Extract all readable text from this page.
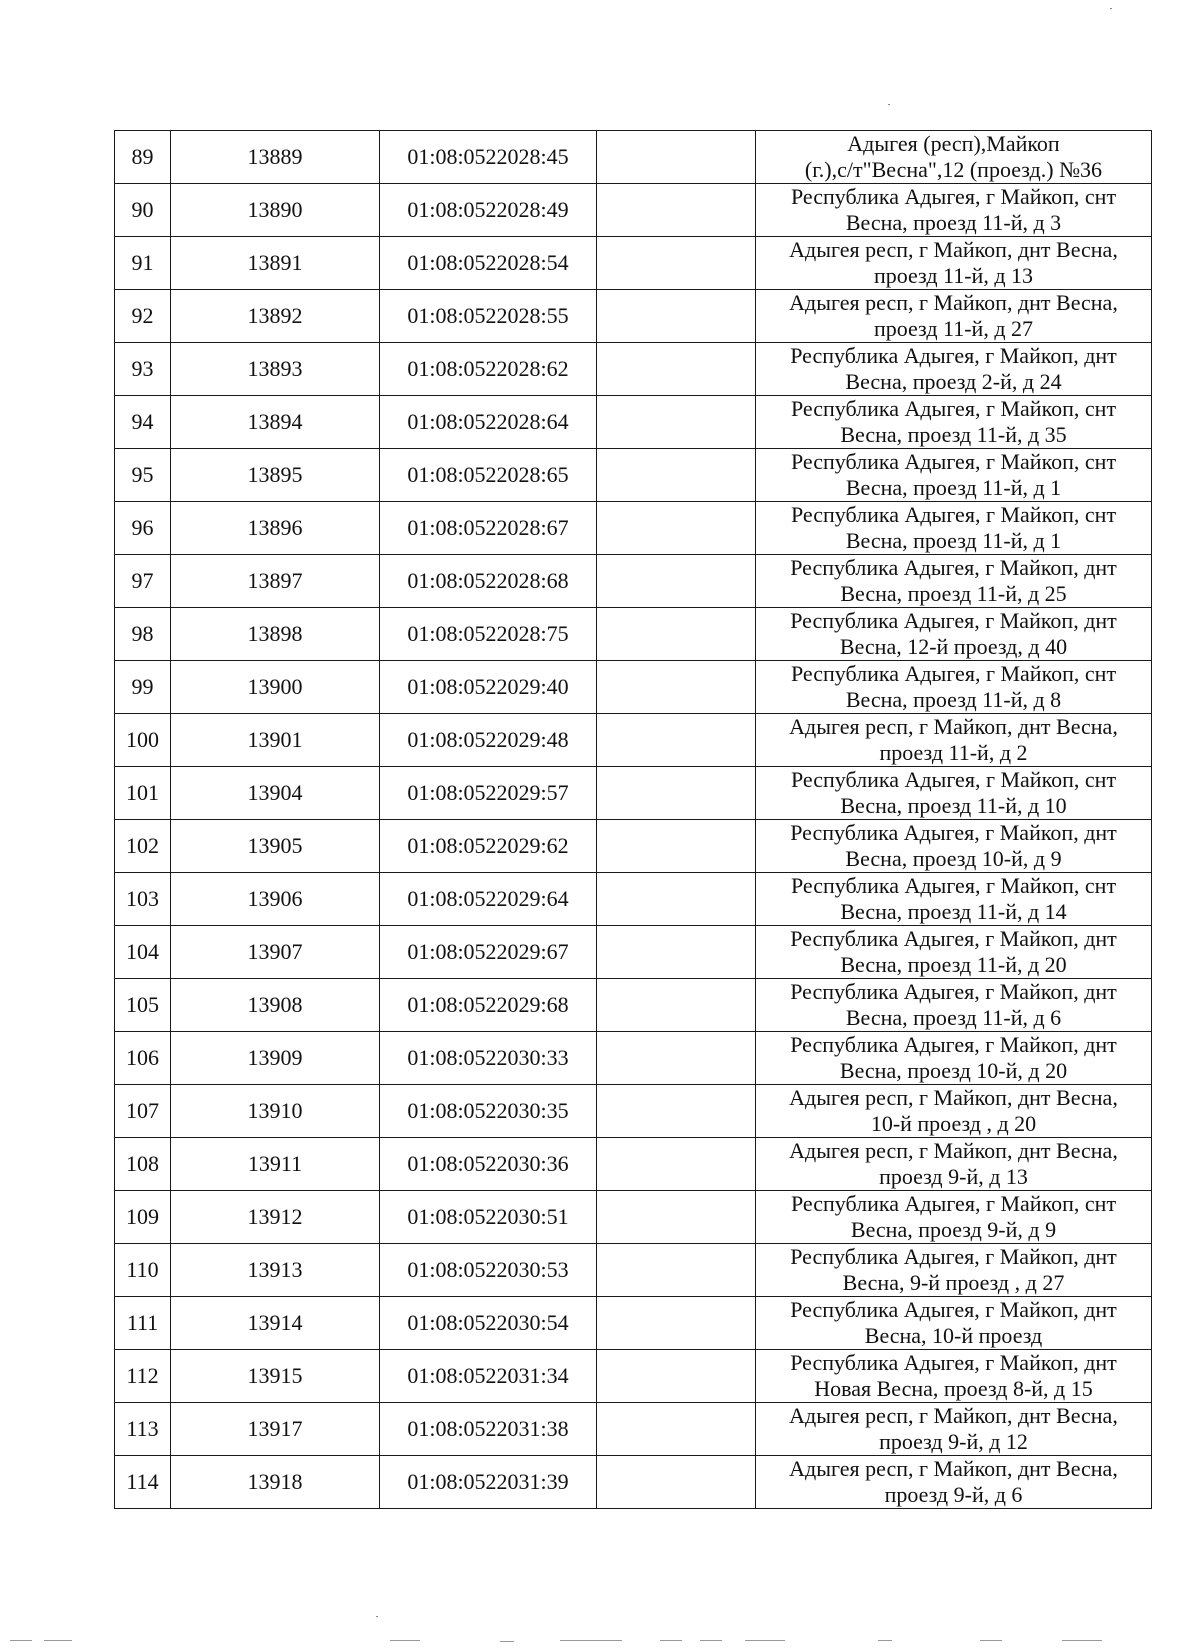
89	13889	01:08:0522028:45		Адыгея (респ),Майкоп
(г.),с/т"Весна",12 (проезд.) №36

90	13890	01:08:0522028:49		Республика Адыгея, г Майкоп, снт
Весна, проезд 11-й, д 3

91	13891	01:08:0522028:54		Адыгея респ, г Майкоп, днт Весна,
проезд 11-й, д 13

92	13892	01:08:0522028:55		Адыгея респ, г Майкоп, днт Весна,
проезд 11-й, д 27

93	13893	01:08:0522028:62		Республика Адыгея, г Майкоп, днт
Весна, проезд 2-й, д 24

94	13894	01:08:0522028:64		Республика Адыгея, г Майкоп, снт
Весна, проезд 11-й, д 35

95	13895	01:08:0522028:65		Республика Адыгея, г Майкоп, снт
Весна, проезд 11-й, д 1

96	13896	01:08:0522028:67		Республика Адыгея, г Майкоп, снт
Весна, проезд 11-й, д 1

97	13897	01:08:0522028:68		Республика Адыгея, г Майкоп, днт
Весна, проезд 11-й, д 25

98	13898	01:08:0522028:75		Республика Адыгея, г Майкоп, днт
Весна, 12-й проезд, д 40

99	13900	01:08:0522029:40		Республика Адыгея, г Майкоп, снт
Весна, проезд 11-й, д 8

100	13901	01:08:0522029:48		Адыгея респ, г Майкоп, днт Весна,
проезд 11-й, д 2

101	13904	01:08:0522029:57		Республика Адыгея, г Майкоп, снт
Весна, проезд 11-й, д 10

102	13905	01:08:0522029:62		Республика Адыгея, г Майкоп, днт
Весна, проезд 10-й, д 9

103	13906	01:08:0522029:64		Республика Адыгея, г Майкоп, снт
Весна, проезд 11-й, д 14

104	13907	01:08:0522029:67		Республика Адыгея, г Майкоп, днт
Весна, проезд 11-й, д 20

105	13908	01:08:0522029:68		Республика Адыгея, г Майкоп, днт
Весна, проезд 11-й, д 6

106	13909	01:08:0522030:33		Республика Адыгея, г Майкоп, днт
Весна, проезд 10-й, д 20

107	13910	01:08:0522030:35		Адыгея респ, г Майкоп, днт Весна,
10-й проезд , д 20

108	13911	01:08:0522030:36		Адыгея респ, г Майкоп, днт Весна,
проезд 9-й, д 13

109	13912	01:08:0522030:51		Республика Адыгея, г Майкоп, снт
Весна, проезд 9-й, д 9

110	13913	01:08:0522030:53		Республика Адыгея, г Майкоп, днт
Весна, 9-й проезд , д 27

111	13914	01:08:0522030:54		Республика Адыгея, г Майкоп, днт
Весна, 10-й проезд

112	13915	01:08:0522031:34		Республика Адыгея, г Майкоп, днт
Новая Весна, проезд 8-й, д 15

113	13917	01:08:0522031:38		Адыгея респ, г Майкоп, днт Весна,
проезд 9-й, д 12

114	13918	01:08:0522031:39		Адыгея респ, г Майкоп, днт Весна,
проезд 9-й, д 6
